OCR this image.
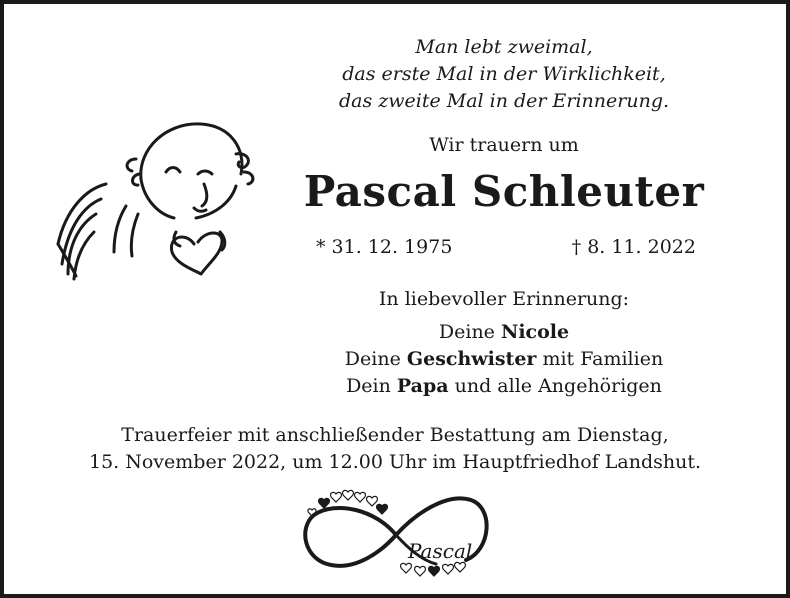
Man lebt zweimal,
das erste Mal in der Wirklichkeit,
das zweite Mal in der Erinnerung.
Wir trauern um
Pascal Schleuter
* 31. 12. 1975	† 8. 11. 2022
In liebevoller Erinnerung:
Deine Nicole
Deine Geschwister mit Familien
Dein Papa und alle Angehörigen
Trauerfeier mit anschließender Bestattung am Dienstag,
15. November 2022, um 12.00 Uhr im Hauptfriedhof Landshut.
Pascal
